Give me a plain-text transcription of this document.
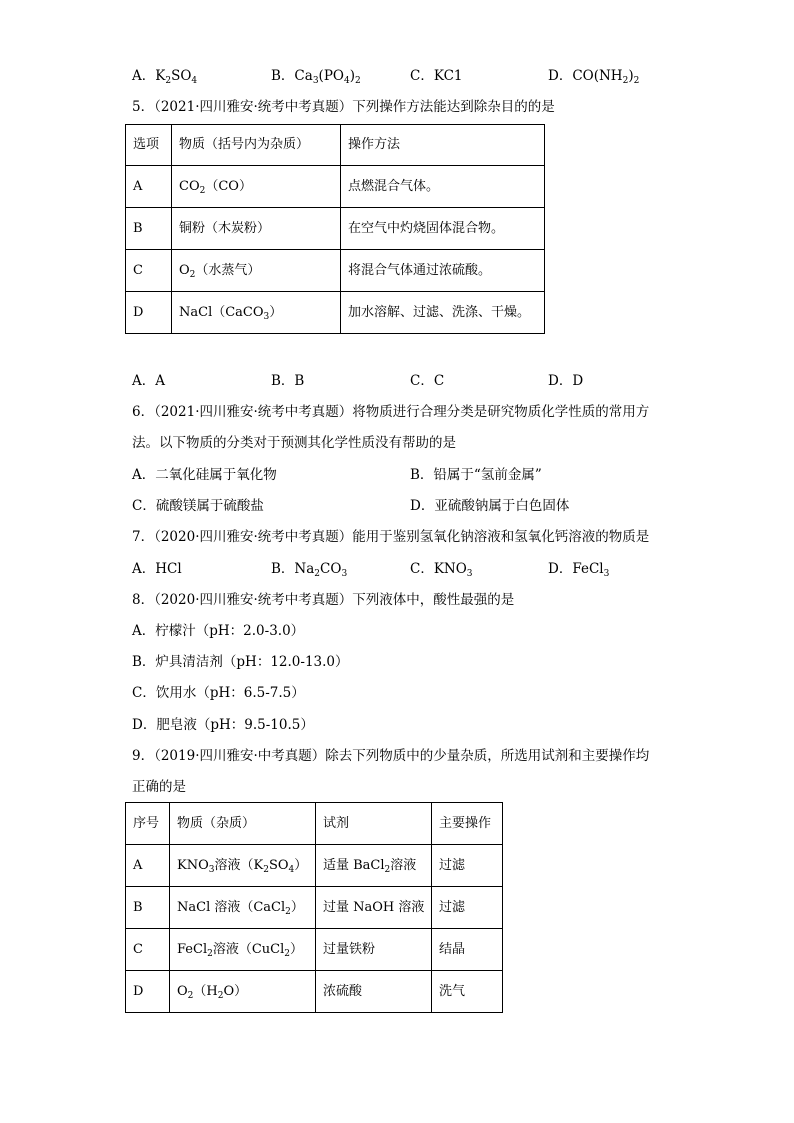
A．$K_2SO_4$	B．$Ca_3(PO_4)_2$	C．KC1	D．$CO(NH_2)_2$
5．（2021·四川雅安·统考中考真题）下列操作方法能达到除杂目的的是
选项	物质（括号内为杂质）	操作方法
A	$CO_2(CO)$	点燃混合气体。
B	铜粉（木炭粉）	在空气中灼烧固体混合物。
C	$O_2$（水蒸气）	将混合气体通过浓硫酸。
D	NaCl（CaCO$_3$）	加水溶解、过滤、洗涤、干燥。
A．A	B．B	C．C	D．D
6．（2021·四川雅安·统考中考真题）将物质进行合理分类是研究物质化学性质的常用方
法。以下物质的分类对于预测其化学性质没有帮助的是
A．二氧化硅属于氧化物	B．铅属于“氢前金属”
C．硫酸镁属于硫酸盐	D．亚硫酸钠属于白色固体
7．（2020·四川雅安·统考中考真题）能用于鉴别氢氧化钠溶液和氢氧化钙溶液的物质是
A．HCl	B．$Na_2CO_3$	C．$KNO_3$	D．FeCl$_3$
8．（2020·四川雅安·统考中考真题）下列液体中，酸性最强的是
A．柠檬汁（pH：2.0-3.0）
B．炉具清洁剂（pH：12.0-13.0）
C．饮用水（pH：6.5-7.5）
D．肥皂液（pH：9.5-10.5）
9．（2019·四川雅安·中考真题）除去下列物质中的少量杂质，所选用试剂和主要操作均
正确的是
序号	物质（杂质）	试剂	主要操作
A	$KNO_3$溶液$(K_2SO_4)$	适量 BaCl$_2$溶液	过滤
B	NaCl 溶液（CaCl$_2$）	过量 NaOH 溶液	过滤
C	FeCl$_2$溶液（CuCl$_2$）	过量铁粉	结晶
D	$O_2(H_2O)$	浓硫酸	洗气
